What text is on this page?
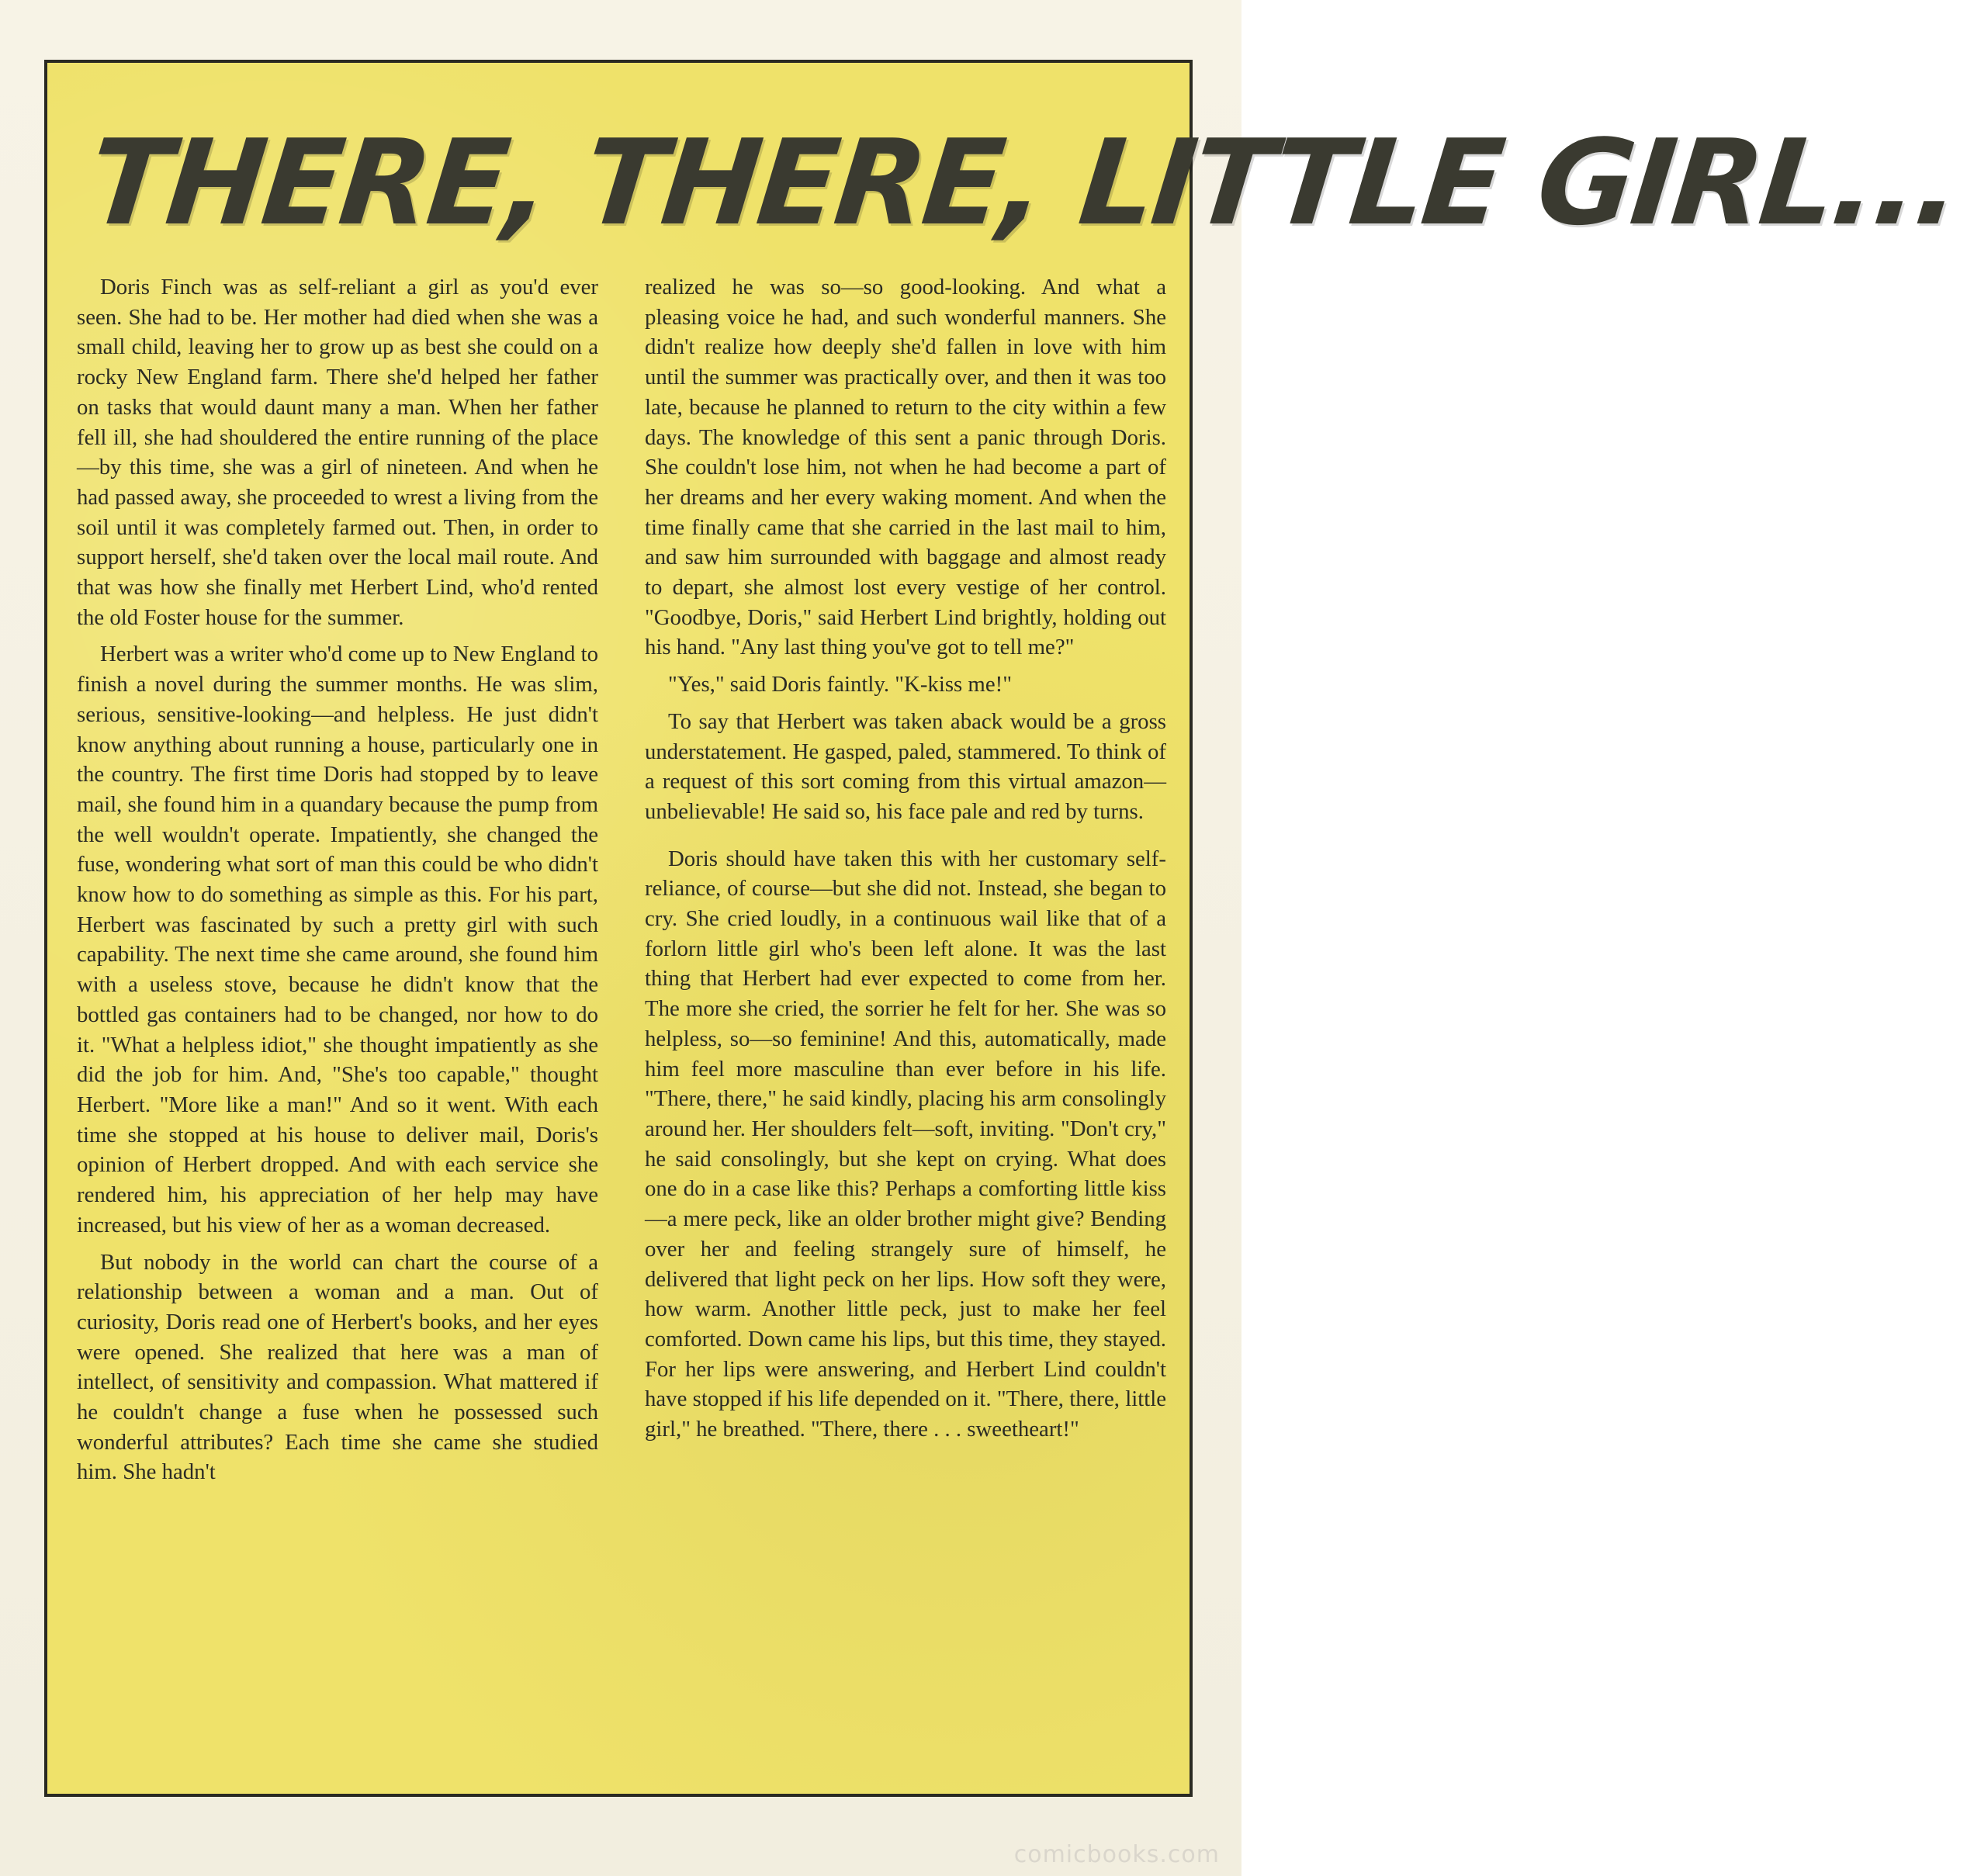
THERE, THERE, LITTLE GIRL...

Doris Finch was as self-reliant a girl as you'd ever seen. She had to be. Her mother had died when she was a small child, leaving her to grow up as best she could on a rocky New England farm. There she'd helped her father on tasks that would daunt many a man. When her father fell ill, she had shouldered the entire running of the place—by this time, she was a girl of nineteen. And when he had passed away, she proceeded to wrest a living from the soil until it was completely farmed out. Then, in order to support herself, she'd taken over the local mail route. And that was how she finally met Herbert Lind, who'd rented the old Foster house for the summer.

Herbert was a writer who'd come up to New England to finish a novel during the summer months. He was slim, serious, sensitive-looking—and helpless. He just didn't know anything about running a house, particularly one in the country. The first time Doris had stopped by to leave mail, she found him in a quandary because the pump from the well wouldn't operate. Impatiently, she changed the fuse, wondering what sort of man this could be who didn't know how to do something as simple as this. For his part, Herbert was fascinated by such a pretty girl with such capability. The next time she came around, she found him with a useless stove, because he didn't know that the bottled gas containers had to be changed, nor how to do it. "What a helpless idiot," she thought impatiently as she did the job for him. And, "She's too capable," thought Herbert. "More like a man!" And so it went. With each time she stopped at his house to deliver mail, Doris's opinion of Herbert dropped. And with each service she rendered him, his appreciation of her help may have increased, but his view of her as a woman decreased.

But nobody in the world can chart the course of a relationship between a woman and a man. Out of curiosity, Doris read one of Herbert's books, and her eyes were opened. She realized that here was a man of intellect, of sensitivity and compassion. What mattered if he couldn't change a fuse when he possessed such wonderful attributes? Each time she came she studied him. She hadn't

realized he was so—so good-looking. And what a pleasing voice he had, and such wonderful manners. She didn't realize how deeply she'd fallen in love with him until the summer was practically over, and then it was too late, because he planned to return to the city within a few days. The knowledge of this sent a panic through Doris. She couldn't lose him, not when he had become a part of her dreams and her every waking moment. And when the time finally came that she carried in the last mail to him, and saw him surrounded with baggage and almost ready to depart, she almost lost every vestige of her control. "Goodbye, Doris," said Herbert Lind brightly, holding out his hand. "Any last thing you've got to tell me?"

"Yes," said Doris faintly. "K-kiss me!"

To say that Herbert was taken aback would be a gross understatement. He gasped, paled, stammered. To think of a request of this sort coming from this virtual amazon—unbelievable! He said so, his face pale and red by turns.

Doris should have taken this with her customary self-reliance, of course—but she did not. Instead, she began to cry. She cried loudly, in a continuous wail like that of a forlorn little girl who's been left alone. It was the last thing that Herbert had ever expected to come from her. The more she cried, the sorrier he felt for her. She was so helpless, so—so feminine! And this, automatically, made him feel more masculine than ever before in his life. "There, there," he said kindly, placing his arm consolingly around her. Her shoulders felt—soft, inviting. "Don't cry," he said consolingly, but she kept on crying. What does one do in a case like this? Perhaps a comforting little kiss—a mere peck, like an older brother might give? Bending over her and feeling strangely sure of himself, he delivered that light peck on her lips. How soft they were, how warm. Another little peck, just to make her feel comforted. Down came his lips, but this time, they stayed. For her lips were answering, and Herbert Lind couldn't have stopped if his life depended on it. "There, there, little girl," he breathed. "There, there . . . sweetheart!"

comicbooks.com
